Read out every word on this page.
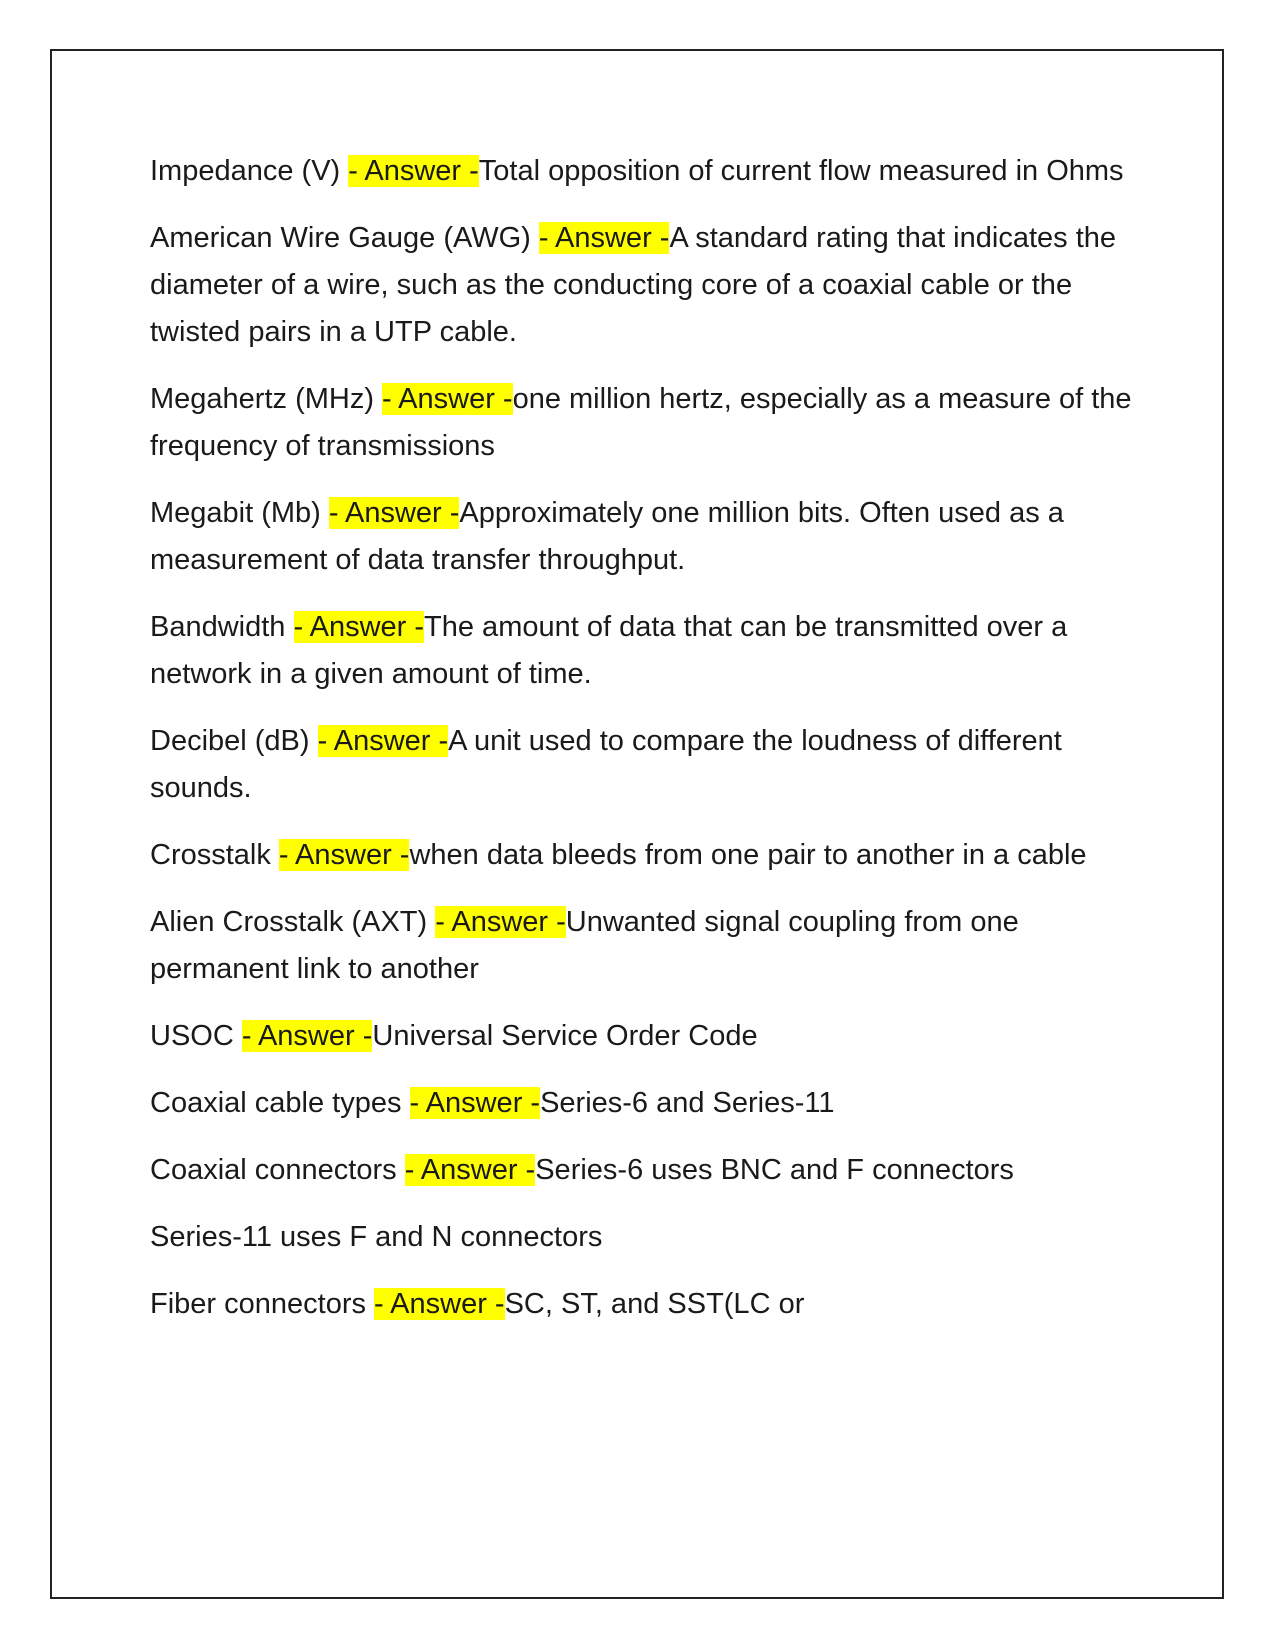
Impedance (V) - Answer -Total opposition of current flow measured in Ohms

American Wire Gauge (AWG) - Answer -A standard rating that indicates the diameter of a wire, such as the conducting core of a coaxial cable or the twisted pairs in a UTP cable.

Megahertz (MHz) - Answer -one million hertz, especially as a measure of the frequency of transmissions

Megabit (Mb) - Answer -Approximately one million bits. Often used as a measurement of data transfer throughput.

Bandwidth - Answer -The amount of data that can be transmitted over a network in a given amount of time.

Decibel (dB) - Answer -A unit used to compare the loudness of different sounds.

Crosstalk - Answer -when data bleeds from one pair to another in a cable

Alien Crosstalk (AXT) - Answer -Unwanted signal coupling from one permanent link to another

USOC - Answer -Universal Service Order Code

Coaxial cable types - Answer -Series-6 and Series-11

Coaxial connectors - Answer -Series-6 uses BNC and F connectors

Series-11 uses F and N connectors

Fiber connectors - Answer -SC, ST, and SST(LC or
